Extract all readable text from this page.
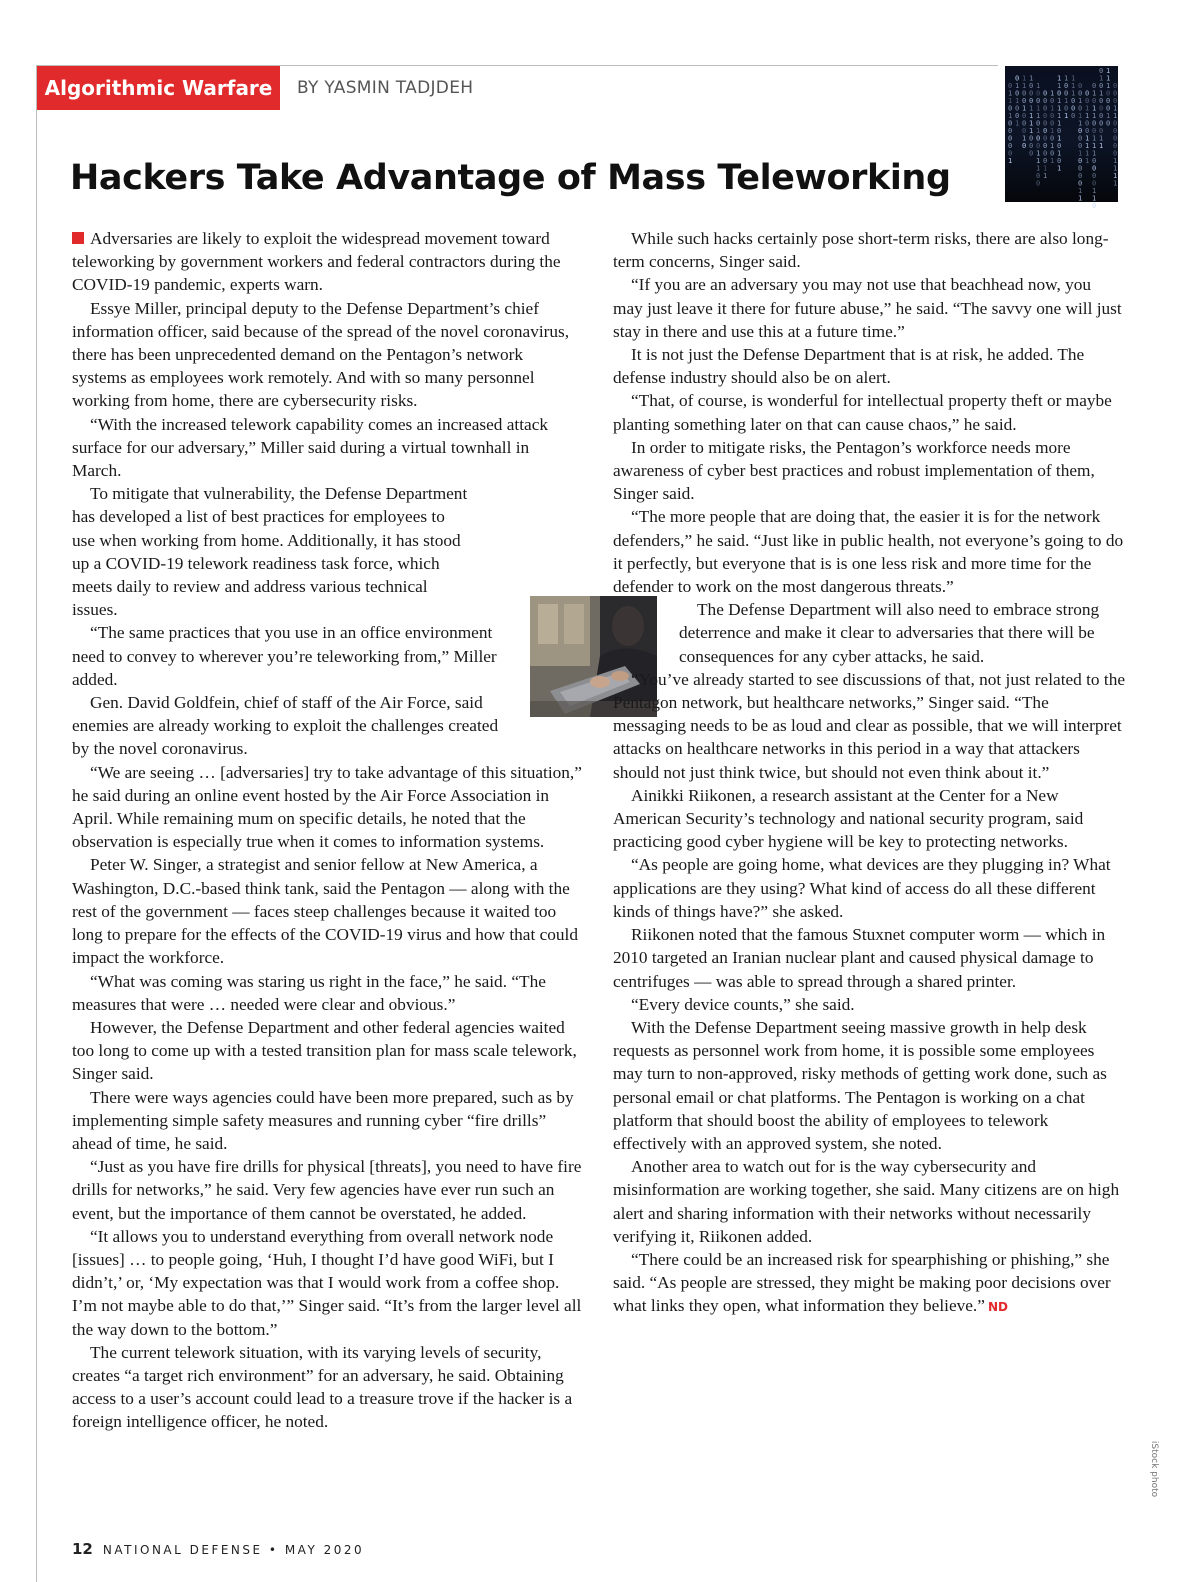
Algorithmic Warfare	BY YASMIN TADJDEH	0
1
1
0
1
0
0
0
0
0
1
0
1
0
1
0
0
1
1
1
0
0
1
0
0
0
1
0
1
0
0
0
1
1
1
1
0
0
0
1
0
0
1
1
0
1
0
0
1
1
1
0
0
0
0
0
0
0
0
0
0
0
0
1
1
1
0
1
0
0
1
0
1
0
1
1
1
0
1
1
1
1
0
1
0
1
0
1
1
0
0
1
0
1
1
1
1
0
0
0
0
0
1
0
1
1
0
0
0
1
0
0
0
0
1
1
0
0
1
1
0
0
1
1
1
1
0
1
0
1
1
0
0
1
1
1
0
0
0
0
1
1
0
0
1
0
1
0
0
0
0
0
1
1
1
1
1
0
0
0
1
0
0
0
0
1
1
0
0
0
0
0
1
1
1
1
Hackers Take Advantage of Mass Teleworking

Adversaries are likely to exploit the widespread movement toward teleworking by government workers and federal contractors during the COVID-19 pandemic, experts warn.

Essye Miller, principal deputy to the Defense Department’s chief information officer, said because of the spread of the novel coronavirus, there has been unprecedented demand on the Pentagon’s network systems as employees work remotely. And with so many personnel working from home, there are cybersecurity risks.

“With the increased telework capability comes an increased attack surface for our adversary,” Miller said during a virtual townhall in March.

To mitigate that vulnerability, the Defense Department has developed a list of best practices for employees to use when working from home. Additionally, it has stood up a COVID-19 telework readiness task force, which meets daily to review and address various technical issues.

“The same practices that you use in an office environment need to convey to wherever you’re teleworking from,” Miller added.

Gen. David Goldfein, chief of staff of the Air Force, said enemies are already working to exploit the challenges created by the novel coronavirus.

“We are seeing … [adversaries] try to take advantage of this situation,” he said during an online event hosted by the Air Force Association in April. While remaining mum on specific details, he noted that the observation is especially true when it comes to information systems.

Peter W. Singer, a strategist and senior fellow at New America, a Washington, D.C.-based think tank, said the Pentagon — along with the rest of the government — faces steep challenges because it waited too long to prepare for the effects of the COVID-19 virus and how that could impact the workforce.

“What was coming was staring us right in the face,” he said. “The measures that were … needed were clear and obvious.”

However, the Defense Department and other federal agencies waited too long to come up with a tested transition plan for mass scale telework, Singer said.

There were ways agencies could have been more prepared, such as by implementing simple safety measures and running cyber “fire drills” ahead of time, he said.

“Just as you have fire drills for physical [threats], you need to have fire drills for networks,” he said. Very few agencies have ever run such an event, but the importance of them cannot be overstated, he added.

“It allows you to understand everything from overall network node [issues] … to people going, ‘Huh, I thought I’d have good WiFi, but I didn’t,’ or, ‘My expectation was that I would work from a coffee shop. I’m not maybe able to do that,’” Singer said. “It’s from the larger level all the way down to the bottom.”

The current telework situation, with its varying levels of security, creates “a target rich environment” for an adversary, he said. Obtaining access to a user’s account could lead to a treasure trove if the hacker is a foreign intelligence officer, he noted.

While such hacks certainly pose short-term risks, there are also long-term concerns, Singer said.

“If you are an adversary you may not use that beachhead now, you may just leave it there for future abuse,” he said. “The savvy one will just stay in there and use this at a future time.”

It is not just the Defense Department that is at risk, he added. The defense industry should also be on alert.

“That, of course, is wonderful for intellectual property theft or maybe planting something later on that can cause chaos,” he said.

In order to mitigate risks, the Pentagon’s workforce needs more awareness of cyber best practices and robust implementation of them, Singer said.

“The more people that are doing that, the easier it is for the network defenders,” he said. “Just like in public health, not everyone’s going to do it perfectly, but everyone that is is one less risk and more time for the defender to work on the most dangerous threats.”

The Defense Department will also need to embrace strong deterrence and make it clear to adversaries that there will be consequences for any cyber attacks, he said.

“You’ve already started to see discussions of that, not just related to the Pentagon network, but healthcare networks,” Singer said. “The messaging needs to be as loud and clear as possible, that we will interpret attacks on healthcare networks in this period in a way that attackers should not just think twice, but should not even think about it.”

Ainikki Riikonen, a research assistant at the Center for a New American Security’s technology and national security program, said practicing good cyber hygiene will be key to protecting networks.

“As people are going home, what devices are they plugging in? What applications are they using? What kind of access do all these different kinds of things have?” she asked.

Riikonen noted that the famous Stuxnet computer worm — which in 2010 targeted an Iranian nuclear plant and caused physical damage to centrifuges — was able to spread through a shared printer.

“Every device counts,” she said.

With the Defense Department seeing massive growth in help desk requests as personnel work from home, it is possible some employees may turn to non-approved, risky methods of getting work done, such as personal email or chat platforms. The Pentagon is working on a chat platform that should boost the ability of employees to telework effectively with an approved system, she noted.

Another area to watch out for is the way cybersecurity and misinformation are working together, she said. Many citizens are on high alert and sharing information with their networks without necessarily verifying it, Riikonen added.

“There could be an increased risk for spearphishing or phishing,” she said. “As people are stressed, they might be making poor decisions over what links they open, what information they believe.” ND

iStock photo
12 NATIONAL DEFENSE • MAY 2020
